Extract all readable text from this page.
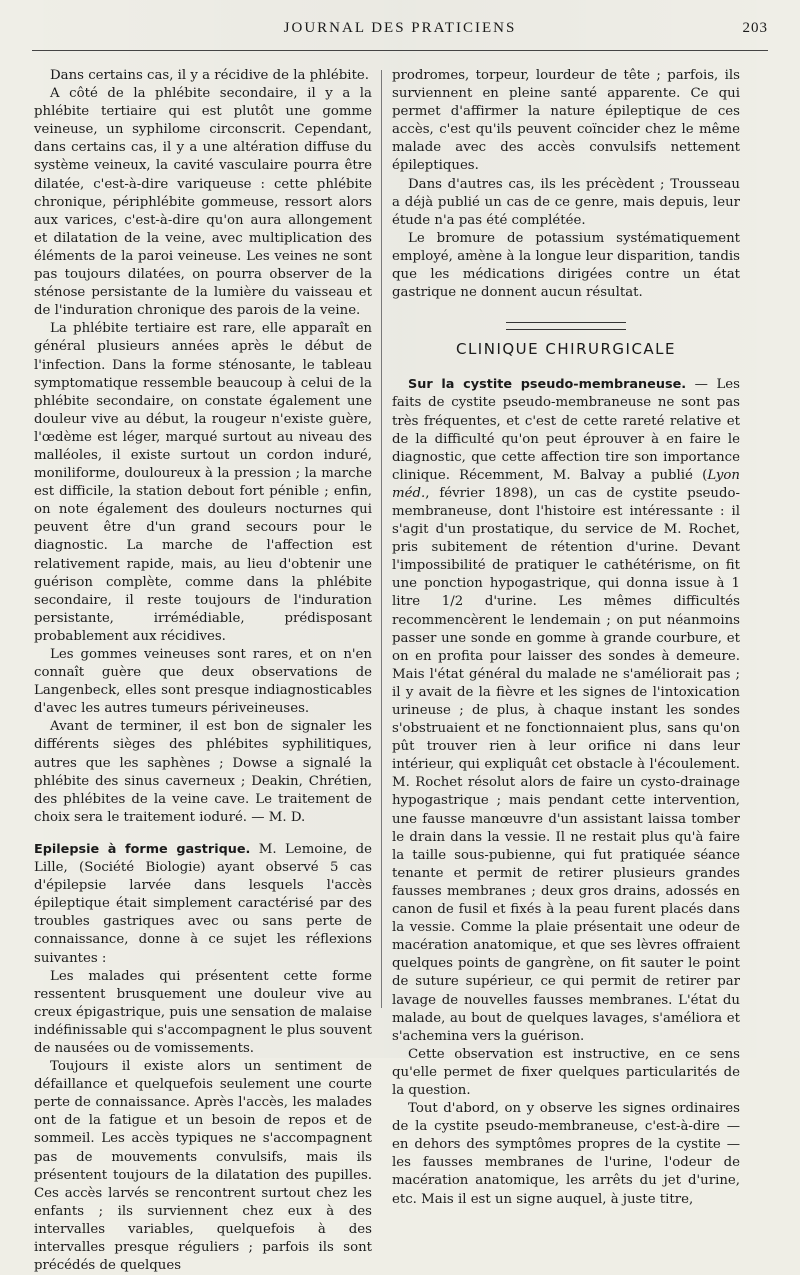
JOURNAL DES PRATICIENS	203

Dans certains cas, il y a récidive de la phlébite.

A côté de la phlébite secondaire, il y a la phlébite tertiaire qui est plutôt une gomme veineuse, un syphilome circonscrit. Cependant, dans certains cas, il y a une altération diffuse du système veineux, la cavité vasculaire pourra être dilatée, c'est-à-dire variqueuse : cette phlébite chronique, périphlébite gommeuse, ressort alors aux varices, c'est-à-dire qu'on aura allongement et dilatation de la veine, avec multiplication des éléments de la paroi veineuse. Les veines ne sont pas toujours dilatées, on pourra observer de la sténose persistante de la lumière du vaisseau et de l'induration chronique des parois de la veine.

La phlébite tertiaire est rare, elle apparaît en général plusieurs années après le début de l'infection. Dans la forme sténosante, le tableau symptomatique ressemble beaucoup à celui de la phlébite secondaire, on constate également une douleur vive au début, la rougeur n'existe guère, l'œdème est léger, marqué surtout au niveau des malléoles, il existe surtout un cordon induré, moniliforme, douloureux à la pression ; la marche est difficile, la station debout fort pénible ; enfin, on note également des douleurs nocturnes qui peuvent être d'un grand secours pour le diagnostic. La marche de l'affection est relativement rapide, mais, au lieu d'obtenir une guérison complète, comme dans la phlébite secondaire, il reste toujours de l'induration persistante, irrémédiable, prédisposant probablement aux récidives.

Les gommes veineuses sont rares, et on n'en connaît guère que deux observations de Langenbeck, elles sont presque indiagnosticables d'avec les autres tumeurs périveineuses.

Avant de terminer, il est bon de signaler les différents sièges des phlébites syphilitiques, autres que les saphènes ; Dowse a signalé la phlébite des sinus caverneux ; Deakin, Chrétien, des phlébites de la veine cave. Le traitement de choix sera le traitement ioduré. — M. D.

Epilepsie à forme gastrique. M. Lemoine, de Lille, (Société Biologie) ayant observé 5 cas d'épilepsie larvée dans lesquels l'accès épileptique était simplement caractérisé par des troubles gastriques avec ou sans perte de connaissance, donne à ce sujet les réflexions suivantes :

Les malades qui présentent cette forme ressentent brusquement une douleur vive au creux épigastrique, puis une sensation de malaise indéfinissable qui s'accompagnent le plus souvent de nausées ou de vomissements.

Toujours il existe alors un sentiment de défaillance et quelquefois seulement une courte perte de connaissance. Après l'accès, les malades ont de la fatigue et un besoin de repos et de sommeil. Les accès typiques ne s'accompagnent pas de mouvements convulsifs, mais ils présentent toujours de la dilatation des pupilles. Ces accès larvés se rencontrent surtout chez les enfants ; ils surviennent chez eux à des intervalles variables, quelquefois à des intervalles presque réguliers ; parfois ils sont précédés de quelques

prodromes, torpeur, lourdeur de tête ; parfois, ils surviennent en pleine santé apparente. Ce qui permet d'affirmer la nature épileptique de ces accès, c'est qu'ils peuvent coïncider chez le même malade avec des accès convulsifs nettement épileptiques.

Dans d'autres cas, ils les précèdent ; Trousseau a déjà publié un cas de ce genre, mais depuis, leur étude n'a pas été complétée.

Le bromure de potassium systématiquement employé, amène à la longue leur disparition, tandis que les médications dirigées contre un état gastrique ne donnent aucun résultat.

CLINIQUE CHIRURGICALE

Sur la cystite pseudo-membraneuse. — Les faits de cystite pseudo-membraneuse ne sont pas très fréquentes, et c'est de cette rareté relative et de la difficulté qu'on peut éprouver à en faire le diagnostic, que cette affection tire son importance clinique. Récemment, M. Balvay a publié (Lyon méd., février 1898), un cas de cystite pseudo-membraneuse, dont l'histoire est intéressante : il s'agit d'un prostatique, du service de M. Rochet, pris subitement de rétention d'urine. Devant l'impossibilité de pratiquer le cathétérisme, on fit une ponction hypogastrique, qui donna issue à 1 litre 1/2 d'urine. Les mêmes difficultés recommencèrent le lendemain ; on put néanmoins passer une sonde en gomme à grande courbure, et on en profita pour laisser des sondes à demeure. Mais l'état général du malade ne s'améliorait pas ; il y avait de la fièvre et les signes de l'intoxication urineuse ; de plus, à chaque instant les sondes s'obstruaient et ne fonctionnaient plus, sans qu'on pût trouver rien à leur orifice ni dans leur intérieur, qui expliquât cet obstacle à l'écoulement. M. Rochet résolut alors de faire un cysto-drainage hypogastrique ; mais pendant cette intervention, une fausse manœuvre d'un assistant laissa tomber le drain dans la vessie. Il ne restait plus qu'à faire la taille sous-pubienne, qui fut pratiquée séance tenante et permit de retirer plusieurs grandes fausses membranes ; deux gros drains, adossés en canon de fusil et fixés à la peau furent placés dans la vessie. Comme la plaie présentait une odeur de macération anatomique, et que ses lèvres offraient quelques points de gangrène, on fit sauter le point de suture supérieur, ce qui permit de retirer par lavage de nouvelles fausses membranes. L'état du malade, au bout de quelques lavages, s'améliora et s'achemina vers la guérison.

Cette observation est instructive, en ce sens qu'elle permet de fixer quelques particularités de la question.

Tout d'abord, on y observe les signes ordinaires de la cystite pseudo-membraneuse, c'est-à-dire — en dehors des symptômes propres de la cystite — les fausses membranes de l'urine, l'odeur de macération anatomique, les arrêts du jet d'urine, etc. Mais il est un signe auquel, à juste titre,
